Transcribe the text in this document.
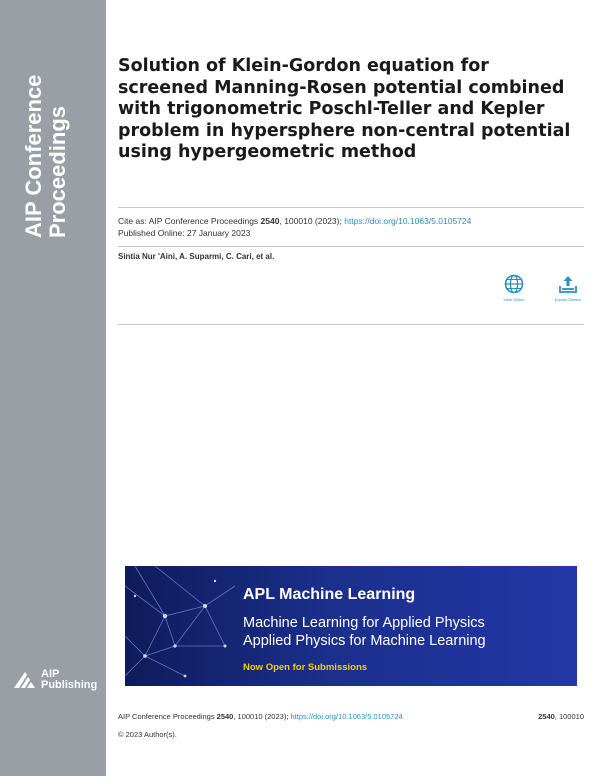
AIP Conference Proceedings
AIP
Publishing
Solution of Klein-Gordon equation for screened Manning-Rosen potential combined with trigonometric Poschl-Teller and Kepler problem in hypersphere non-central potential using hypergeometric method
Cite as: AIP Conference Proceedings 2540, 100010 (2023); https://doi.org/10.1063/5.0105724
Published Online: 27 January 2023
Sintia Nur 'Aini, A. Suparmi, C. Cari, et al.
View Online	Export Citation
APL Machine Learning
Machine Learning for Applied Physics
Applied Physics for Machine Learning
Now Open for Submissions
AIP Conference Proceedings 2540, 100010 (2023); https://doi.org/10.1063/5.0105724	2540, 100010
© 2023 Author(s).
